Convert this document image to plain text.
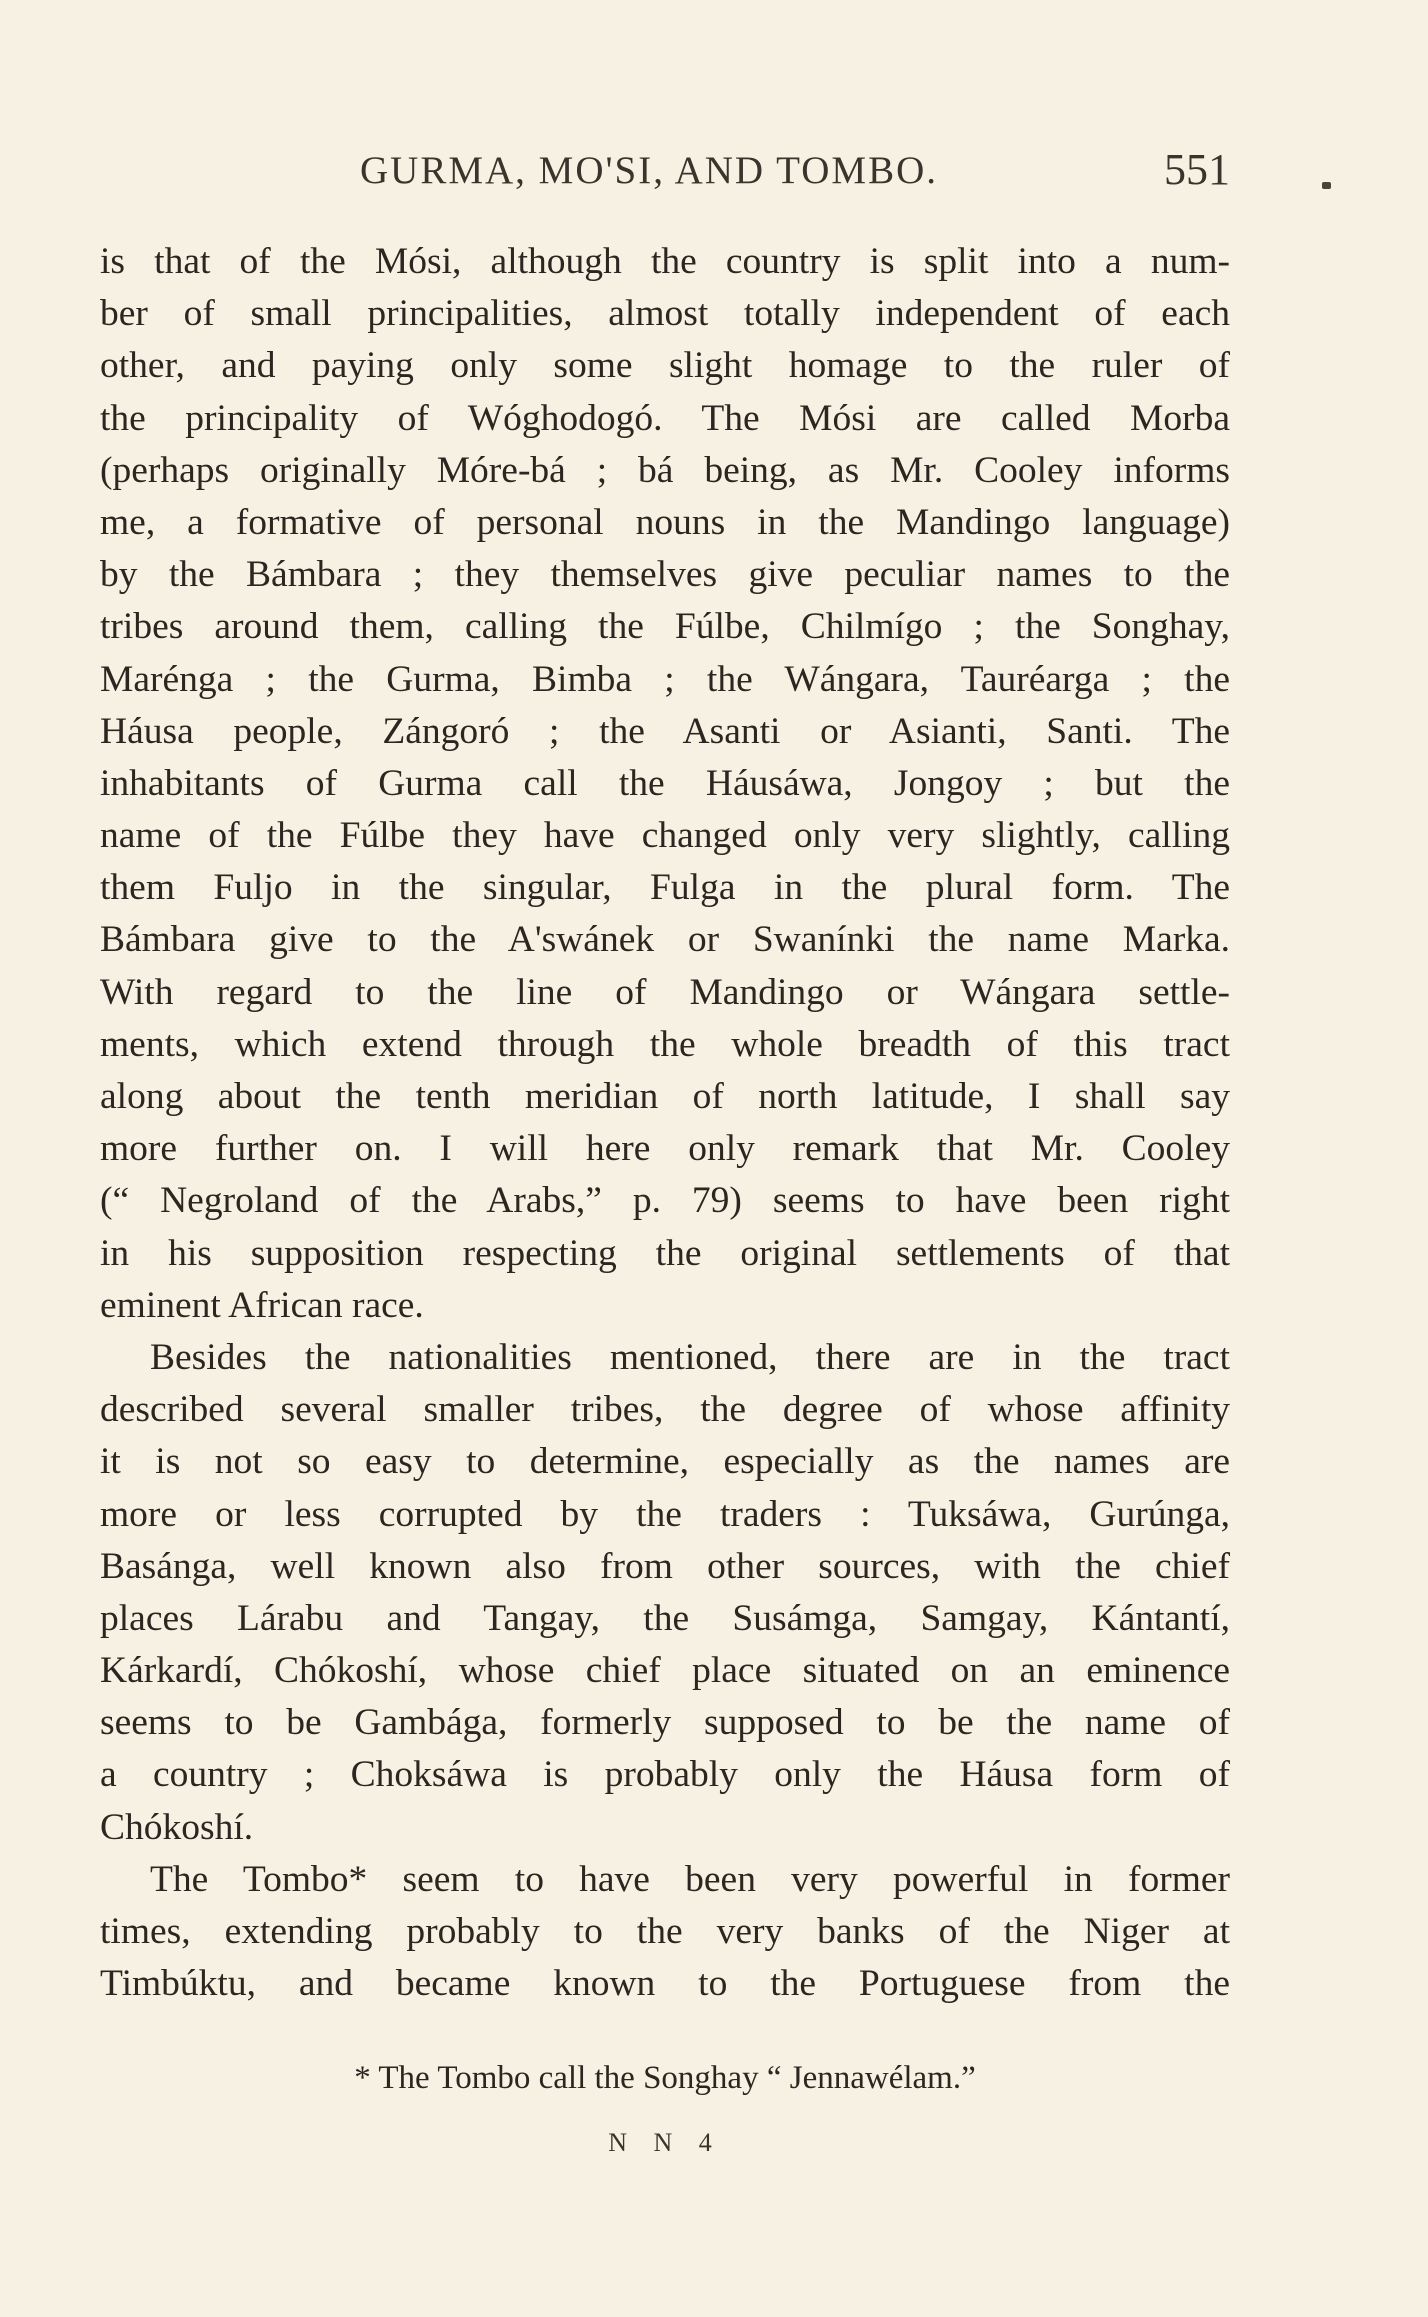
GURMA, MO'SI, AND TOMBO.	551
is that of the Mósi, although the country is split into a num-
ber of small principalities, almost totally independent of each
other, and paying only some slight homage to the ruler of
the principality of Wóghodogó. The Mósi are called Morba
(perhaps originally Móre-bá ; bá being, as Mr. Cooley informs
me, a formative of personal nouns in the Mandingo language)
by the Bámbara ; they themselves give peculiar names to the
tribes around them, calling the Fúlbe, Chilmígo ; the Songhay,
Marénga ; the Gurma, Bimba ; the Wángara, Tauréarga ; the
Háusa people, Zángoró ; the Asanti or Asianti, Santi. The
inhabitants of Gurma call the Háusáwa, Jongoy ; but the
name of the Fúlbe they have changed only very slightly, calling
them Fuljo in the singular, Fulga in the plural form. The
Bámbara give to the A'swánek or Swanínki the name Marka.
With regard to the line of Mandingo or Wángara settle-
ments, which extend through the whole breadth of this tract
along about the tenth meridian of north latitude, I shall say
more further on. I will here only remark that Mr. Cooley
(“ Negroland of the Arabs,” p. 79) seems to have been right
in his supposition respecting the original settlements of that
eminent African race.
Besides the nationalities mentioned, there are in the tract
described several smaller tribes, the degree of whose affinity
it is not so easy to determine, especially as the names are
more or less corrupted by the traders : Tuksáwa, Gurúnga,
Basánga, well known also from other sources, with the chief
places Lárabu and Tangay, the Susámga, Samgay, Kántantí,
Kárkardí, Chókoshí, whose chief place situated on an eminence
seems to be Gambága, formerly supposed to be the name of
a country ; Choksáwa is probably only the Háusa form of
Chókoshí.
The Tombo* seem to have been very powerful in former
times, extending probably to the very banks of the Niger at
Timbúktu, and became known to the Portuguese from the
* The Tombo call the Songhay “ Jennawélam.”
N N 4
